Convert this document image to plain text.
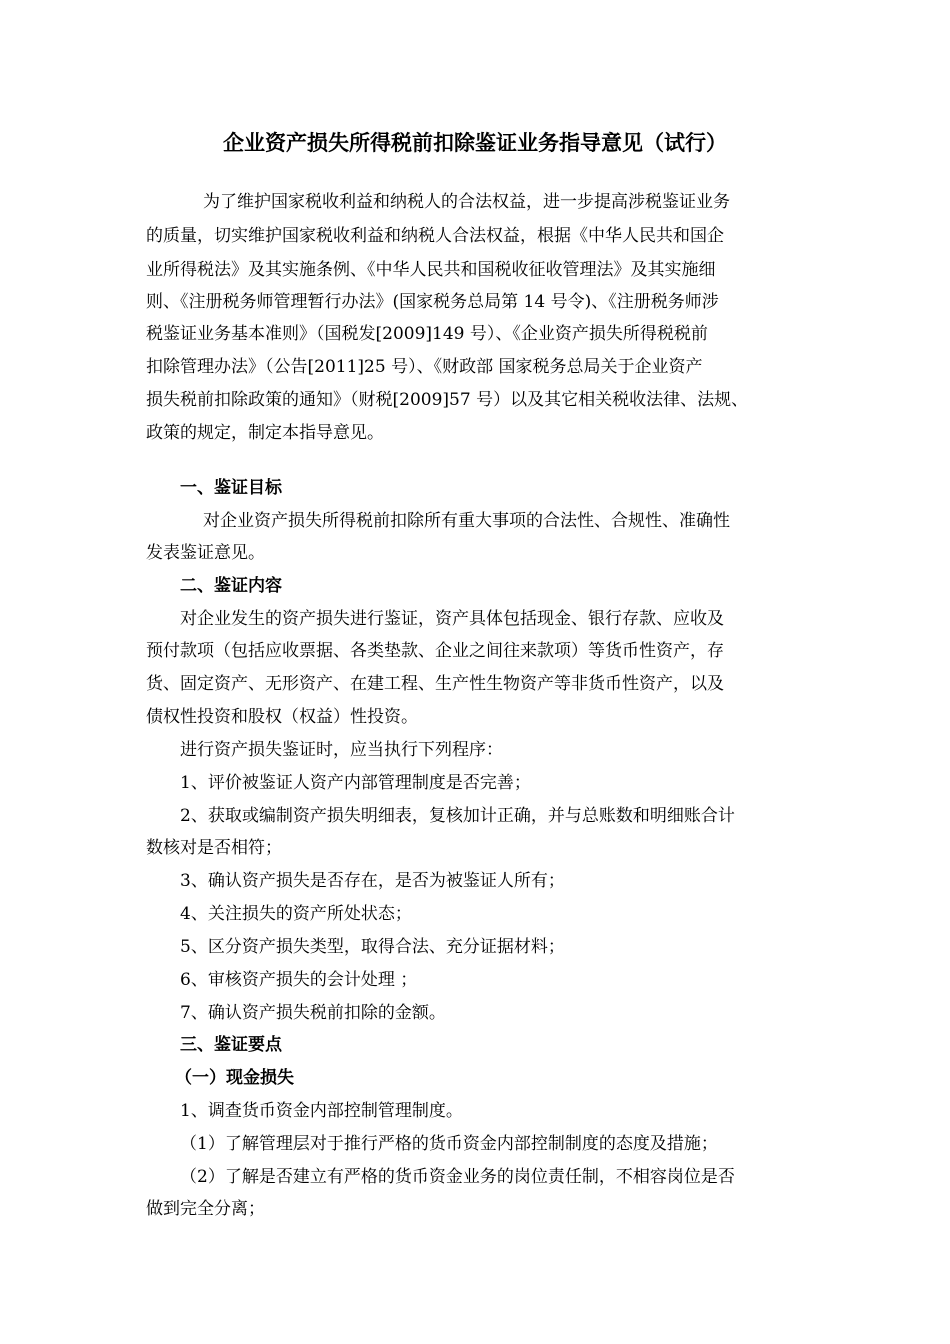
企业资产损失所得税前扣除鉴证业务指导意见（试行）
为了维护国家税收利益和纳税人的合法权益，进一步提高涉税鉴证业务
的质量，切实维护国家税收利益和纳税人合法权益，根据《中华人民共和国企
业所得税法》及其实施条例、《中华人民共和国税收征收管理法》及其实施细
则、《注册税务师管理暂行办法》(国家税务总局第 14 号令)、《注册税务师涉
税鉴证业务基本准则》（国税发[2009]149 号）、《企业资产损失所得税税前
扣除管理办法》（公告[2011]25 号）、《财政部 国家税务总局关于企业资产
损失税前扣除政策的通知》（财税[2009]57 号）以及其它相关税收法律、法规、
政策的规定，制定本指导意见。
一、鉴证目标
对企业资产损失所得税前扣除所有重大事项的合法性、合规性、准确性
发表鉴证意见。
二、鉴证内容
对企业发生的资产损失进行鉴证，资产具体包括现金、银行存款、应收及
预付款项（包括应收票据、各类垫款、企业之间往来款项）等货币性资产，存
货、固定资产、无形资产、在建工程、生产性生物资产等非货币性资产，以及
债权性投资和股权（权益）性投资。
进行资产损失鉴证时，应当执行下列程序：
1、评价被鉴证人资产内部管理制度是否完善；
2、获取或编制资产损失明细表，复核加计正确，并与总账数和明细账合计
数核对是否相符；
3、确认资产损失是否存在，是否为被鉴证人所有；
4、关注损失的资产所处状态；
5、区分资产损失类型，取得合法、充分证据材料；
6、审核资产损失的会计处理 ；
7、确认资产损失税前扣除的金额。
三、鉴证要点
（一）现金损失
1、调查货币资金内部控制管理制度。
（1）了解管理层对于推行严格的货币资金内部控制制度的态度及措施；
（2）了解是否建立有严格的货币资金业务的岗位责任制，不相容岗位是否
做到完全分离；
